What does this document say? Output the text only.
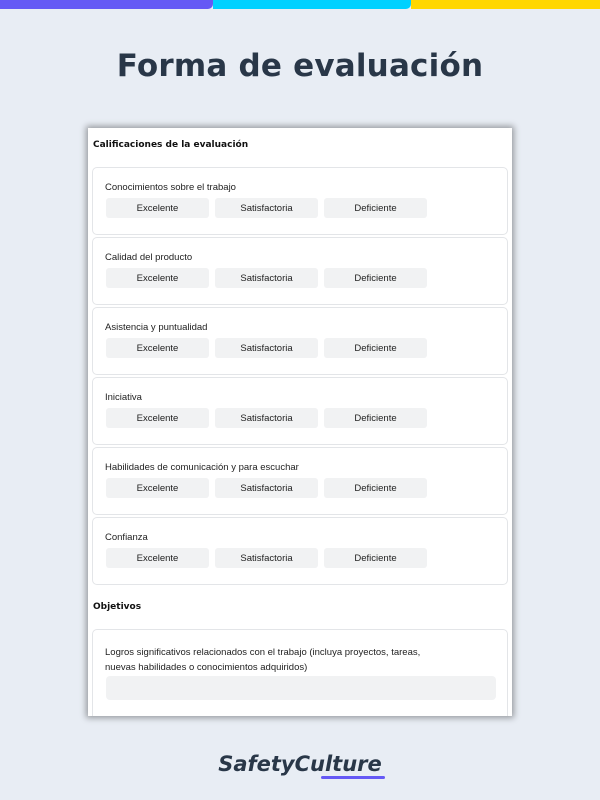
Forma de evaluación
Calificaciones de la evaluación
Conocimientos sobre el trabajo
Excelente	Satisfactoria	Deficiente
Calidad del producto
Excelente	Satisfactoria	Deficiente
Asistencia y puntualidad
Excelente	Satisfactoria	Deficiente
Iniciativa
Excelente	Satisfactoria	Deficiente
Habilidades de comunicación y para escuchar
Excelente	Satisfactoria	Deficiente
Confianza
Excelente	Satisfactoria	Deficiente
Objetivos
Logros significativos relacionados con el trabajo (incluya proyectos, tareas, nuevas habilidades o conocimientos adquiridos)
SafetyCulture
